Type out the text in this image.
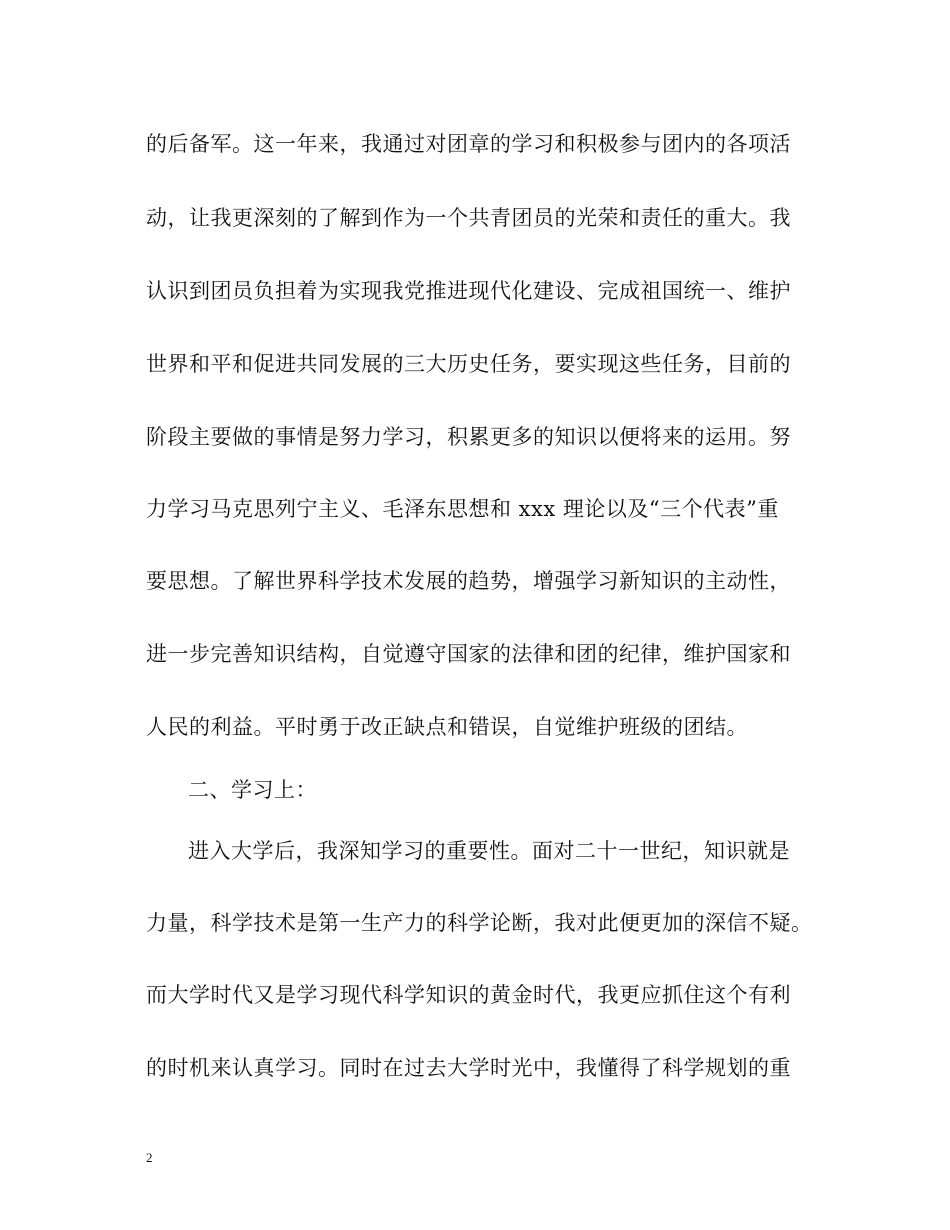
的后备军。这一年来，我通过对团章的学习和积极参与团内的各项活
动，让我更深刻的了解到作为一个共青团员的光荣和责任的重大。我
认识到团员负担着为实现我党推进现代化建设、完成祖国统一、维护
世界和平和促进共同发展的三大历史任务，要实现这些任务，目前的
阶段主要做的事情是努力学习，积累更多的知识以便将来的运用。努
力学习马克思列宁主义、毛泽东思想和 xxx 理论以及“三个代表”重
要思想。了解世界科学技术发展的趋势，增强学习新知识的主动性，
进一步完善知识结构，自觉遵守国家的法律和团的纪律，维护国家和
人民的利益。平时勇于改正缺点和错误，自觉维护班级的团结。
二、学习上：
进入大学后，我深知学习的重要性。面对二十一世纪，知识就是
力量，科学技术是第一生产力的科学论断，我对此便更加的深信不疑。
而大学时代又是学习现代科学知识的黄金时代，我更应抓住这个有利
的时机来认真学习。同时在过去大学时光中，我懂得了科学规划的重
2
